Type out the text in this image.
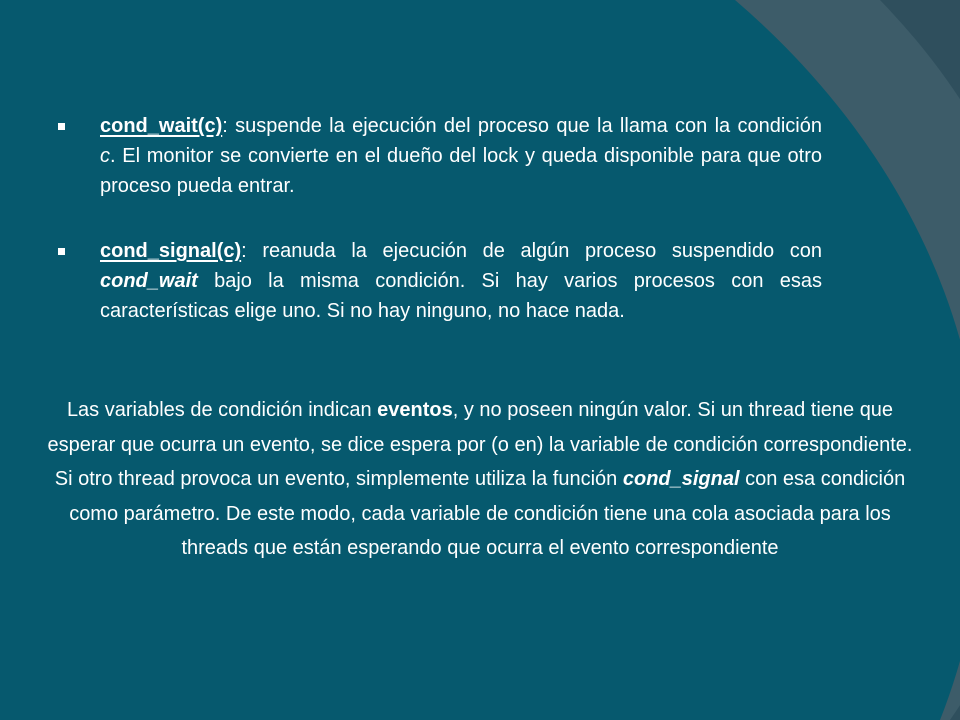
cond_wait(c): suspende la ejecución del proceso que la llama con la condición c. El monitor se convierte en el dueño del lock y queda disponible para que otro proceso pueda entrar.
cond_signal(c): reanuda la ejecución de algún proceso suspendido con cond_wait bajo la misma condición. Si hay varios procesos con esas características elige uno. Si no hay ninguno, no hace nada.
Las variables de condición indican eventos, y no poseen ningún valor. Si un thread tiene que esperar que ocurra un evento, se dice espera por (o en) la variable de condición correspondiente. Si otro thread provoca un evento, simplemente utiliza la función cond_signal con esa condición como parámetro. De este modo, cada variable de condición tiene una cola asociada para los threads que están esperando que ocurra el evento correspondiente
